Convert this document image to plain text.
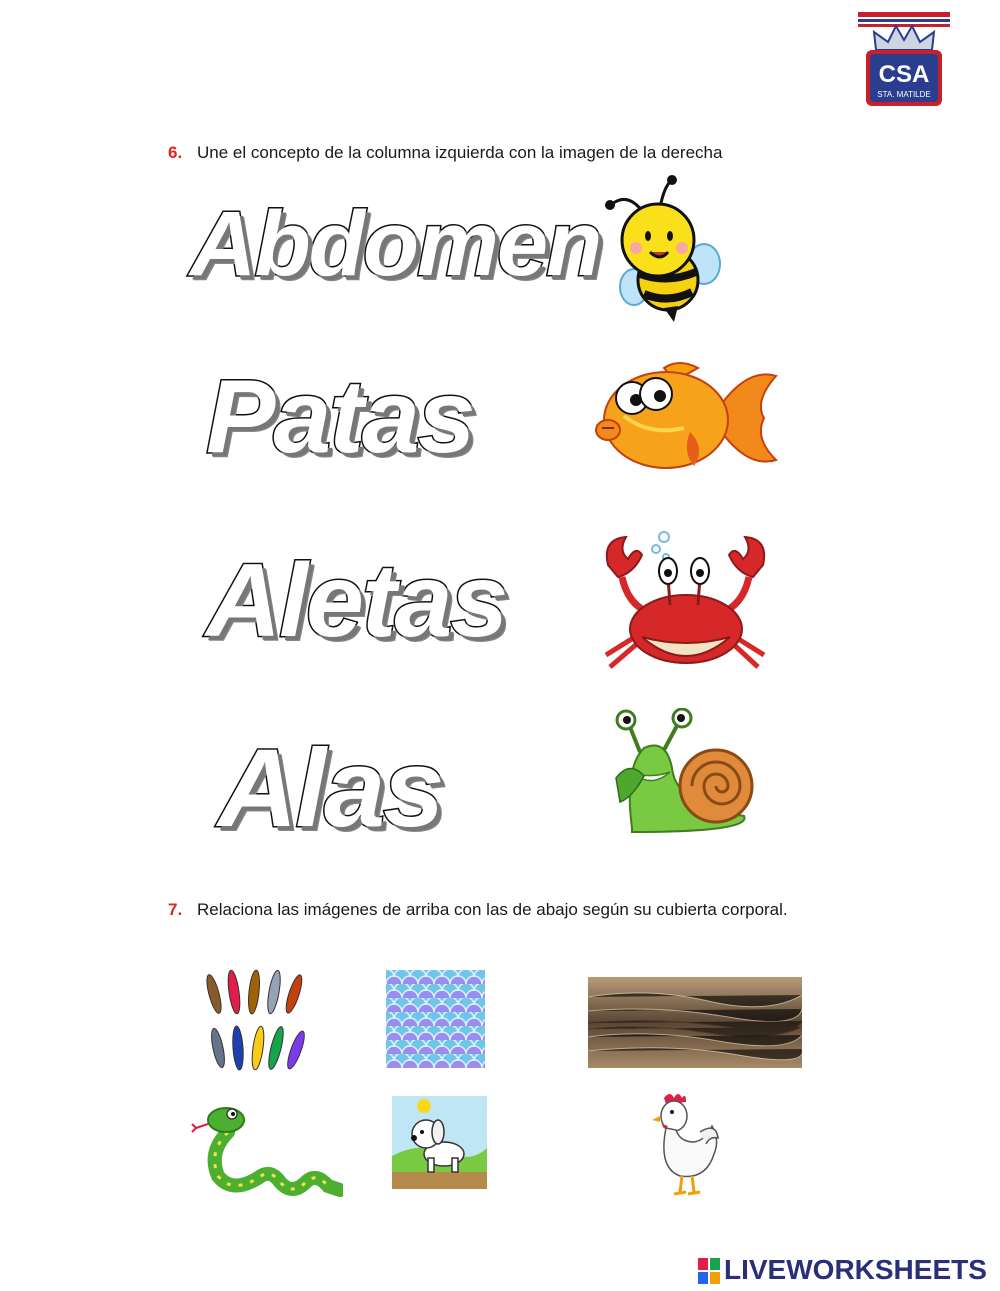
CSA
STA. MATILDE
6. Une el concepto de la columna izquierda con la imagen de la derecha
Abdomen
Patas
Aletas
Alas
7. Relaciona las imágenes de arriba con las de abajo según su cubierta corporal.
LIVEWORKSHEETS
